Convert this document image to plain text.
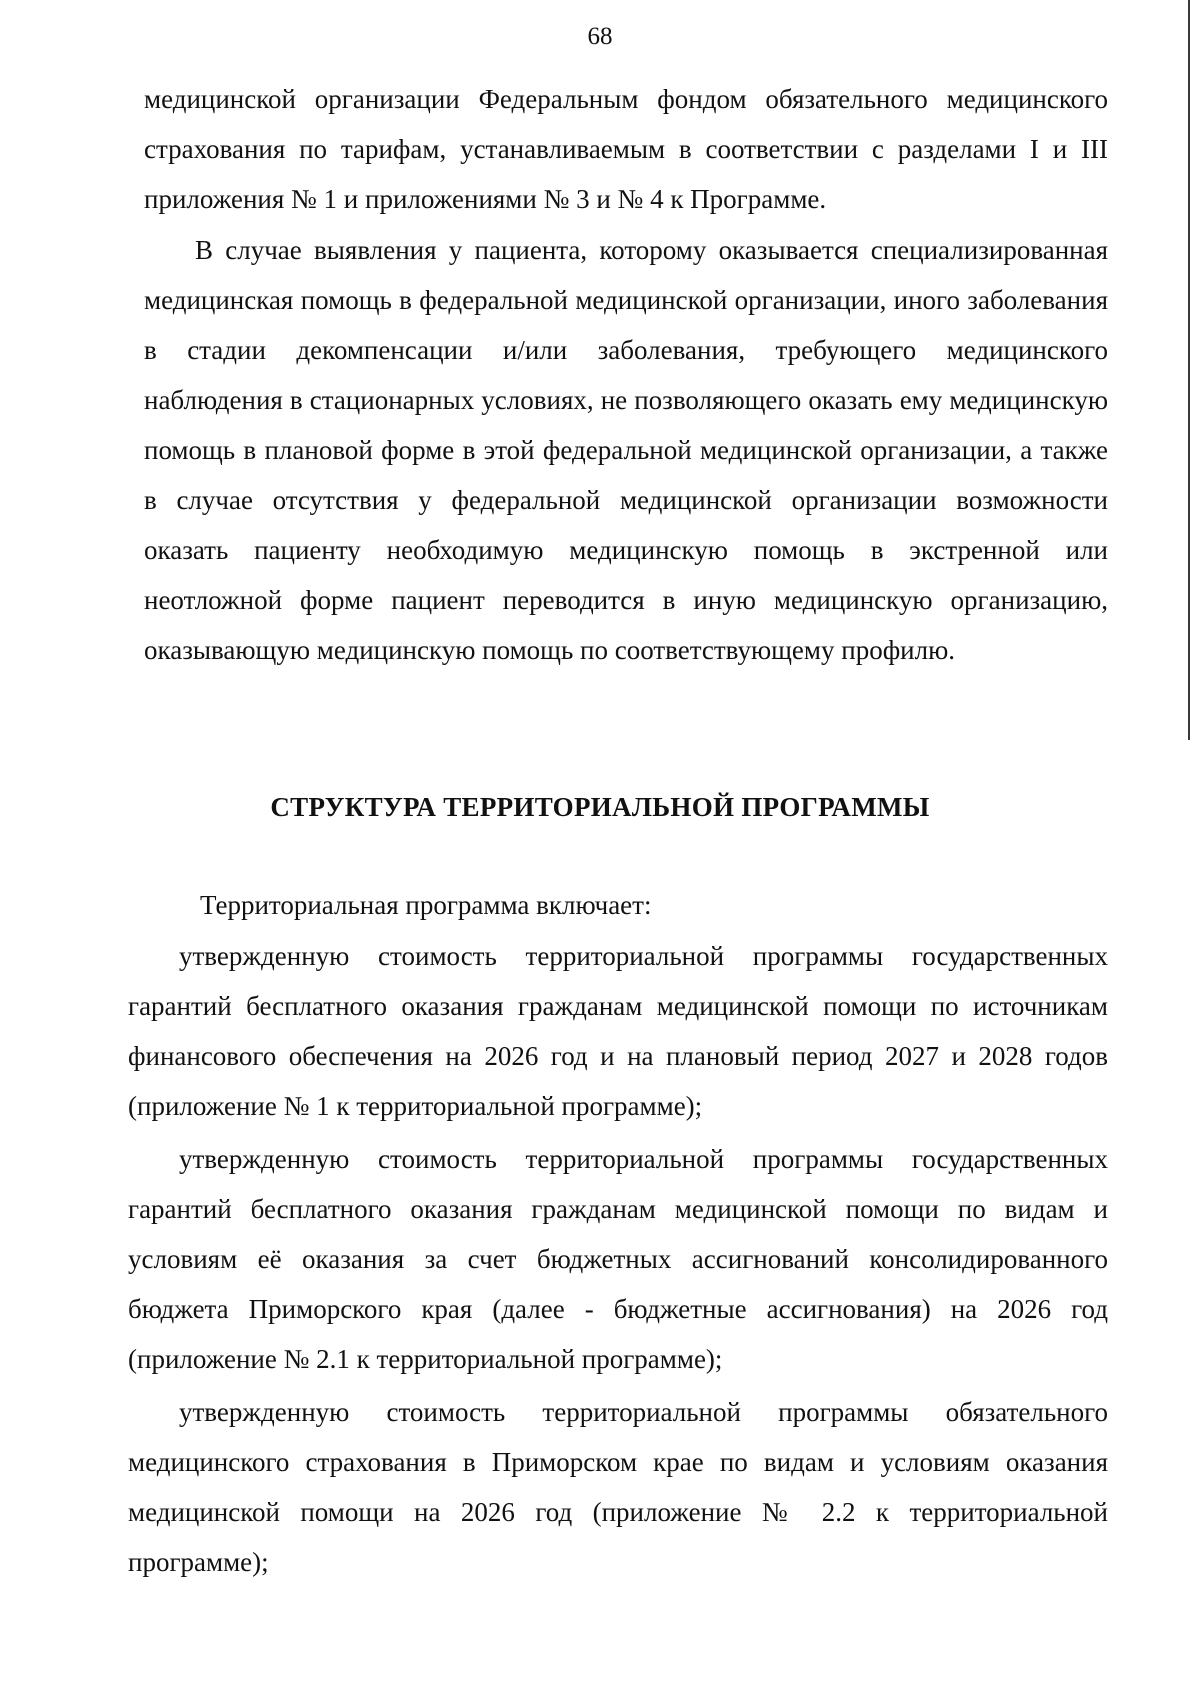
68

медицинской организации Федеральным фондом обязательного медицинского страхования по тарифам, устанавливаемым в соответствии с разделами I и III приложения № 1 и приложениями № 3 и № 4 к Программе.

В случае выявления у пациента, которому оказывается специализированная медицинская помощь в федеральной медицинской организации, иного заболевания в стадии декомпенсации и/или заболевания, требующего медицинского наблюдения в стационарных условиях, не позволяющего оказать ему медицинскую помощь в плановой форме в этой федеральной медицинской организации, а также в случае отсутствия у федеральной медицинской организации возможности оказать пациенту необходимую медицинскую помощь в экстренной или неотложной форме пациент переводится в иную медицинскую организацию, оказывающую медицинскую помощь по соответствующему профилю.

СТРУКТУРА ТЕРРИТОРИАЛЬНОЙ ПРОГРАММЫ

Территориальная программа включает:

утвержденную стоимость территориальной программы государственных гарантий бесплатного оказания гражданам медицинской помощи по источникам финансового обеспечения на 2026 год и на плановый период 2027 и 2028 годов (приложение № 1 к территориальной программе);

утвержденную стоимость территориальной программы государственных гарантий бесплатного оказания гражданам медицинской помощи по видам и условиям её оказания за счет бюджетных ассигнований консолидированного бюджета Приморского края (далее - бюджетные ассигнования) на 2026 год (приложение № 2.1 к территориальной программе);

утвержденную стоимость территориальной программы обязательного медицинского страхования в Приморском крае по видам и условиям оказания медицинской помощи на 2026 год (приложение № 2.2 к территориальной программе);
